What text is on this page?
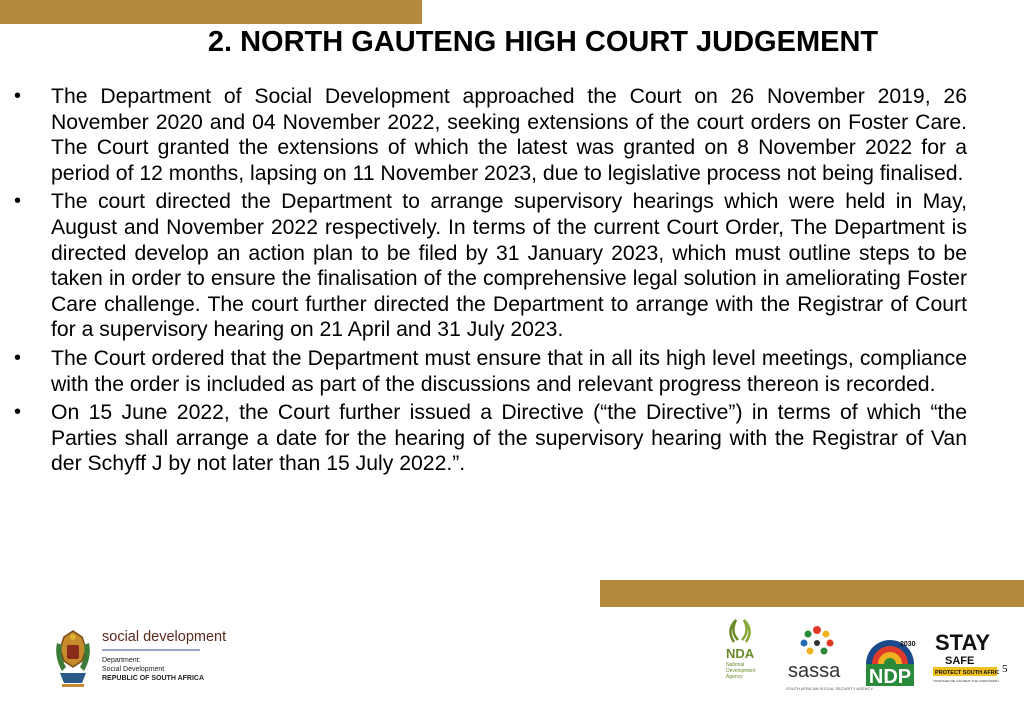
2. NORTH GAUTENG HIGH COURT JUDGEMENT
• The Department of Social Development approached the Court on 26 November 2019, 26 November 2020 and 04 November 2022, seeking extensions of the court orders on Foster Care. The Court granted the extensions of which the latest was granted on 8 November 2022 for a period of 12 months, lapsing on 11 November 2023, due to legislative process not being finalised.
• The court directed the Department to arrange supervisory hearings which were held in May, August and November 2022 respectively. In terms of the current Court Order, The Department is directed develop an action plan to be filed by 31 January 2023, which must outline steps to be taken in order to ensure the finalisation of the comprehensive legal solution in ameliorating Foster Care challenge. The court further directed the Department to arrange with the Registrar of Court for a supervisory hearing on 21 April and 31 July 2023.
• The Court ordered that the Department must ensure that in all its high level meetings, compliance with the order is included as part of the discussions and relevant progress thereon is recorded.
• On 15 June 2022, the Court further issued a Directive (“the Directive”) in terms of which “the Parties shall arrange a date for the hearing of the supervisory hearing with the Registrar of Van der Schyff J by not later than 15 July 2022.”.
social development
Department:
Social Development
REPUBLIC OF SOUTH AFRICA
NDA
National
Development
Agency	sassa
SOUTH AFRICAN SOCIAL SECURITY AGENCY
2030
NDP
STAY
SAFE
PROTECT SOUTH AFRICA
TOGETHER WE CAN BEAT THE CORONAVIRUS
5
